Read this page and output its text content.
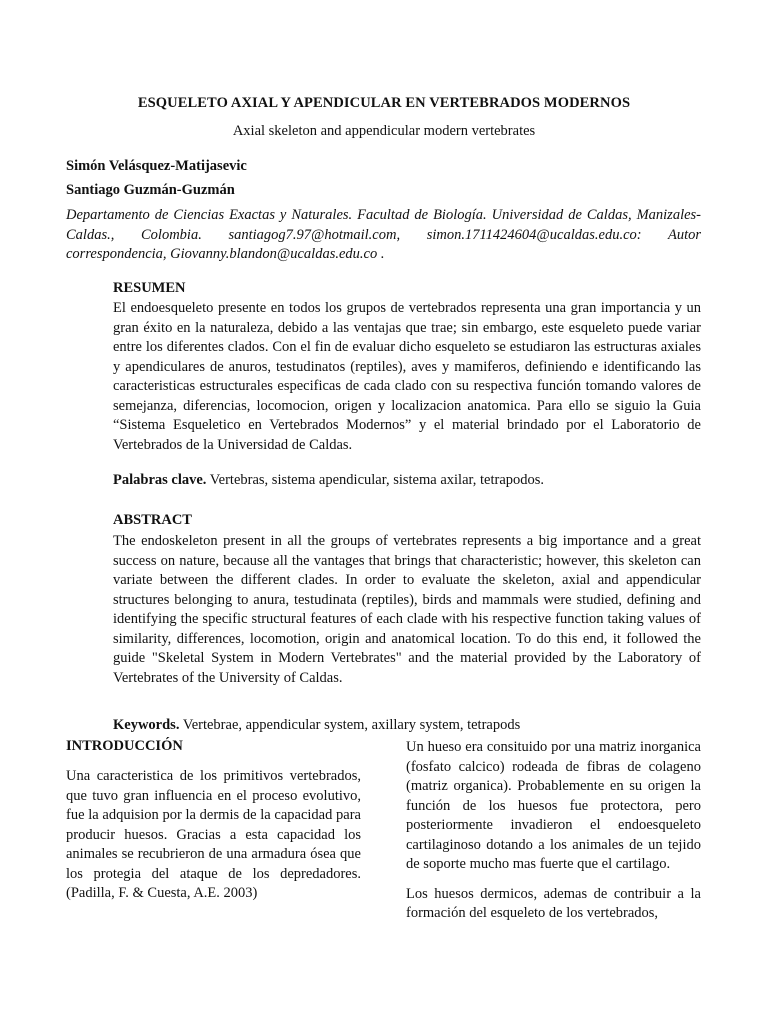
ESQUELETO AXIAL Y APENDICULAR EN VERTEBRADOS MODERNOS
Axial skeleton and appendicular modern vertebrates
Simón Velásquez-Matijasevic
Santiago Guzmán-Guzmán
Departamento de Ciencias Exactas y Naturales. Facultad de Biología. Universidad de Caldas, Manizales-Caldas., Colombia. santiagog7.97@hotmail.com, simon.1711424604@ucaldas.edu.co: Autor correspondencia, Giovanny.blandon@ucaldas.edu.co .
RESUMEN
El endoesqueleto presente en todos los grupos de vertebrados representa una gran importancia y un gran éxito en la naturaleza, debido a las ventajas que trae; sin embargo, este esqueleto puede variar entre los diferentes clados. Con el fin de evaluar dicho esqueleto se estudiaron las estructuras axiales y apendiculares de anuros, testudinatos (reptiles), aves y mamiferos, definiendo e identificando las caracteristicas estructurales especificas de cada clado con su respectiva función tomando valores de semejanza, diferencias, locomocion, origen y localizacion anatomica. Para ello se siguio la Guia “Sistema Esqueletico en Vertebrados Modernos” y el material brindado por el Laboratorio de Vertebrados de la Universidad de Caldas.
Palabras clave. Vertebras, sistema apendicular, sistema axilar, tetrapodos.
ABSTRACT
The endoskeleton present in all the groups of vertebrates represents a big importance and a great success on nature, because all the vantages that brings that characteristic; however, this skeleton can variate between the different clades. In order to evaluate the skeleton, axial and appendicular structures belonging to anura, testudinata (reptiles), birds and mammals were studied, defining and identifying the specific structural features of each clade with his respective function taking values of similarity, differences, locomotion, origin and anatomical location. To do this end, it followed the guide "Skeletal System in Modern Vertebrates" and the material provided by the Laboratory of Vertebrates of the University of Caldas.
Keywords. Vertebrae, appendicular system, axillary system, tetrapods
INTRODUCCIÓN

Una caracteristica de los primitivos vertebrados, que tuvo gran influencia en el proceso evolutivo, fue la adquision por la dermis de la capacidad para producir huesos. Gracias a esta capacidad los animales se recubrieron de una armadura ósea que los protegia del ataque de los depredadores. (Padilla, F. & Cuesta, A.E. 2003)

Un hueso era consituido por una matriz inorganica (fosfato calcico) rodeada de fibras de colageno (matriz organica). Probablemente en su origen la función de los huesos fue protectora, pero posteriormente invadieron el endoesqueleto cartilaginoso dotando a los animales de un tejido de soporte mucho mas fuerte que el cartilago.

Los huesos dermicos, ademas de contribuir a la formación del esqueleto de los vertebrados,
